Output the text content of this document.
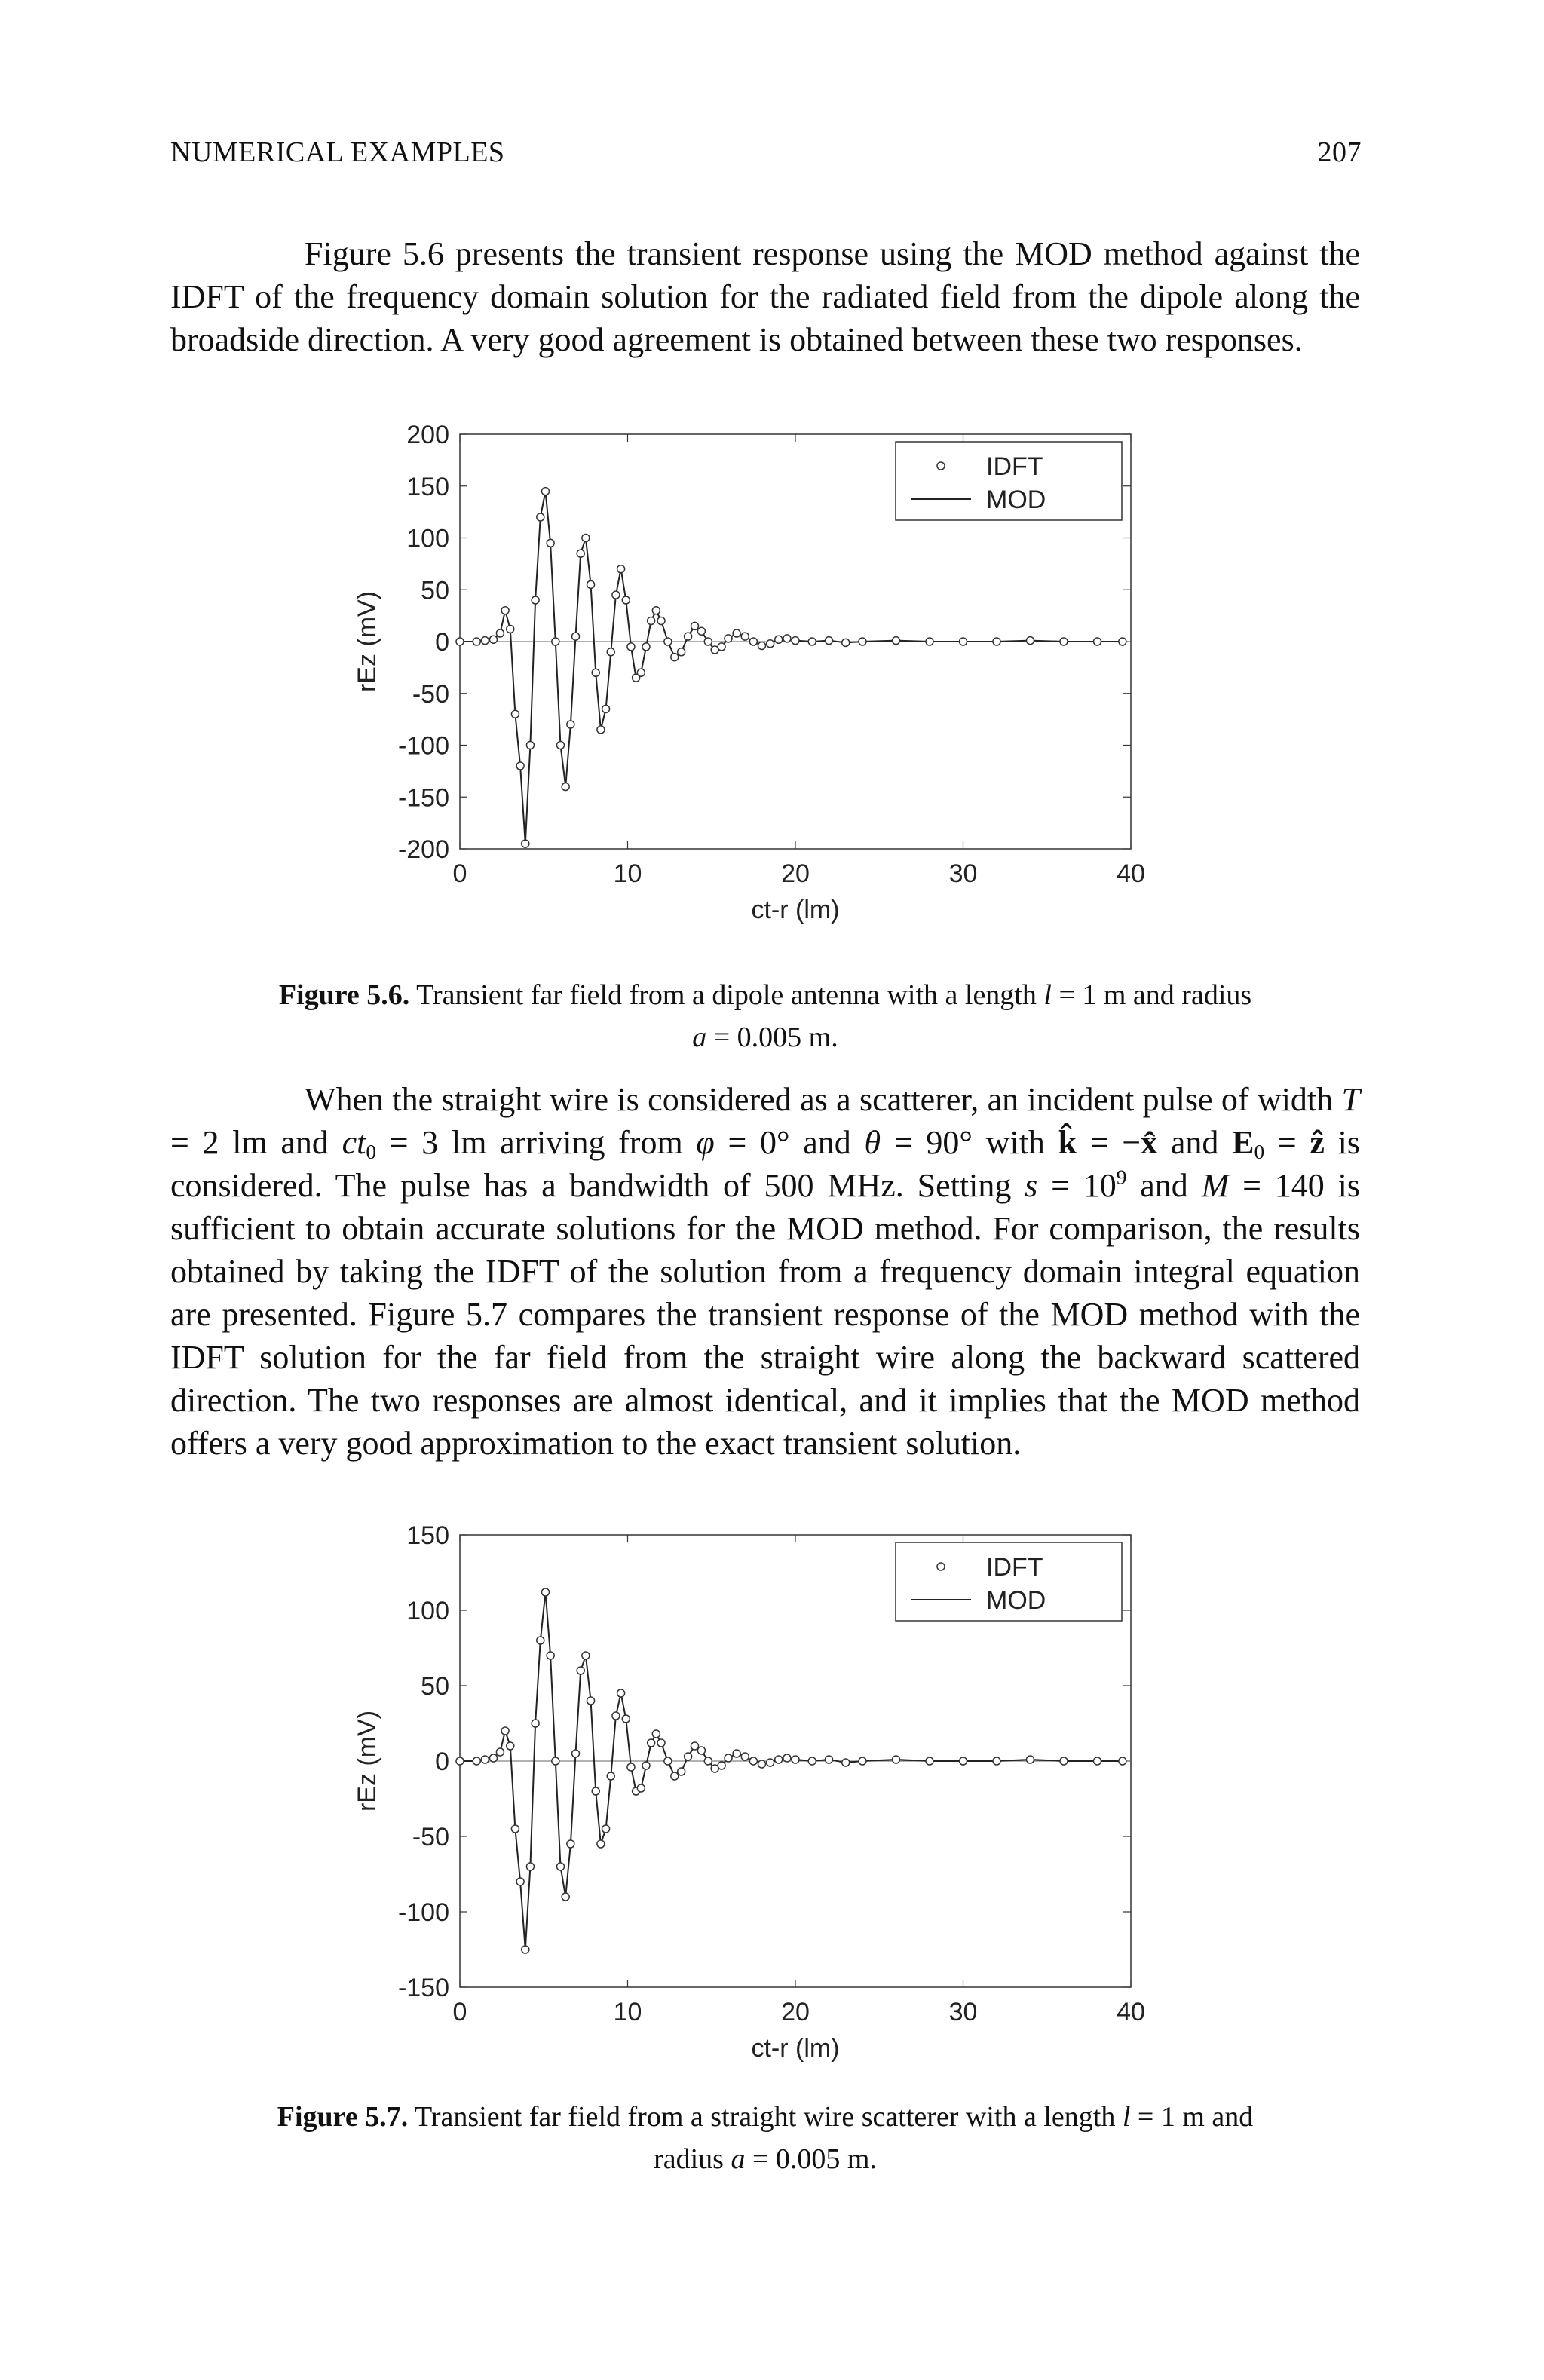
NUMERICAL EXAMPLES	207

Figure 5.6 presents the transient response using the MOD method against the IDFT of the frequency domain solution for the radiated field from the dipole along the broadside direction. A very good agreement is obtained between these two responses.

-200
-150
-100
-50
0
50
100
150
200
0	10	20	30	40
ct-r (lm)
rEz (mV)
IDFT
MOD
Figure 5.6. Transient far field from a dipole antenna with a length l = 1 m and radius
a = 0.005 m.

When the straight wire is considered as a scatterer, an incident pulse of width T = 2 lm and $ct_0 = 3$ lm arriving from φ = 0° and θ = 90° with k̂ = −x̂ and $E_0$ = ẑ is considered. The pulse has a bandwidth of 500 MHz. Setting $s = 10^9$ and M = 140 is sufficient to obtain accurate solutions for the MOD method. For comparison, the results obtained by taking the IDFT of the solution from a frequency domain integral equation are presented. Figure 5.7 compares the transient response of the MOD method with the IDFT solution for the far field from the straight wire along the backward scattered direction. The two responses are almost identical, and it implies that the MOD method offers a very good approximation to the exact transient solution.

-150
-100
-50
0
50
100
150
0	10	20	30	40
ct-r (lm)
rEz (mV)
IDFT
MOD
Figure 5.7. Transient far field from a straight wire scatterer with a length l = 1 m and
radius a = 0.005 m.
